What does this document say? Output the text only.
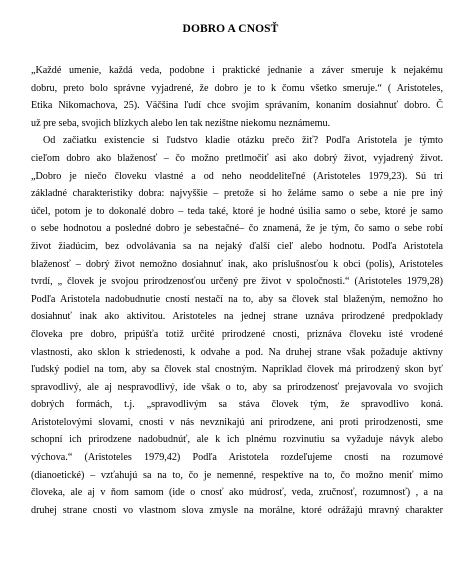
DOBRO A CNOSŤ
„Každé umenie, každá veda, podobne i praktické jednanie a záver smeruje k nejakému
dobru, preto bolo správne vyjadrené, že dobro je to k čomu všetko smeruje.“ ( Aristoteles,
Etika Nikomachova, 25). Väčšina ľudí chce svojim správaním, konaním dosiahnuť dobro. Č
už pre seba, svojich blízkych alebo len tak nezištne niekomu neznámemu.
Od začiatku existencie si ľudstvo kladie otázku prečo žiť? Podľa Aristotela je týmto
cieľom dobro ako blaženosť – čo možno pretlmočiť asi ako dobrý život, vyjadrený život.
„Dobro je niečo človeku vlastné a od neho neoddeliteľné (Aristoteles 1979,23). Sú tri
základné charakteristiky dobra: najvyššie – pretože si ho želáme samo o sebe a nie pre iný
účel, potom je to dokonalé dobro – teda také, ktoré je hodné úsilia samo o sebe, ktoré je samo
o sebe hodnotou a posledné dobro je sebestačné– čo znamená, že je tým, čo samo o sebe robí
život žiadúcim, bez odvolávania sa na nejaký ďalší cieľ alebo hodnotu. Podľa Aristotela
blaženosť – dobrý život nemožno dosiahnuť inak, ako príslušnosťou k obci (polis), Aristoteles
tvrdí, „ človek je svojou prirodzenosťou určený pre život v spoločnosti.“ (Aristoteles 1979,28)
Podľa Aristotela nadobudnutie cností nestačí na to, aby sa človek stal blaženým, nemožno ho
dosiahnuť inak ako aktivitou. Aristoteles na jednej strane uznáva prirodzené predpoklady
človeka pre dobro, pripúšťa totiž určité prirodzené cnosti, priznáva človeku isté vrodené
vlastnosti, ako sklon k striedenosti, k odvahe a pod. Na druhej strane však požaduje aktívny
ľudský podiel na tom, aby sa človek stal cnostným. Napríklad človek má prirodzený skon byť
spravodlivý, ale aj nespravodlivý, ide však o to, aby sa prirodzenosť prejavovala vo svojich
dobrých formách, t.j. „spravodlivým sa stáva človek tým, že spravodlivo koná.
Aristotelovými slovami, cnosti v nás nevznikajú ani prirodzene, ani proti prirodzenosti, sme
schopní ich prirodzene nadobudnúť, ale k ich plnému rozvinutiu sa vyžaduje návyk alebo
výchova.“ (Aristoteles 1979,42) Podľa Aristotela rozdeľujeme cnosti na rozumové
(dianoetické) – vzťahujú sa na to, čo je nemenné, respektíve na to, čo možno meniť mimo
človeka, ale aj v ňom samom (ide o cnosť ako múdrosť, veda, zručnosť, rozumnosť) , a na
druhej strane cnosti vo vlastnom slova zmysle na morálne, ktoré odrážajú mravný charakter
